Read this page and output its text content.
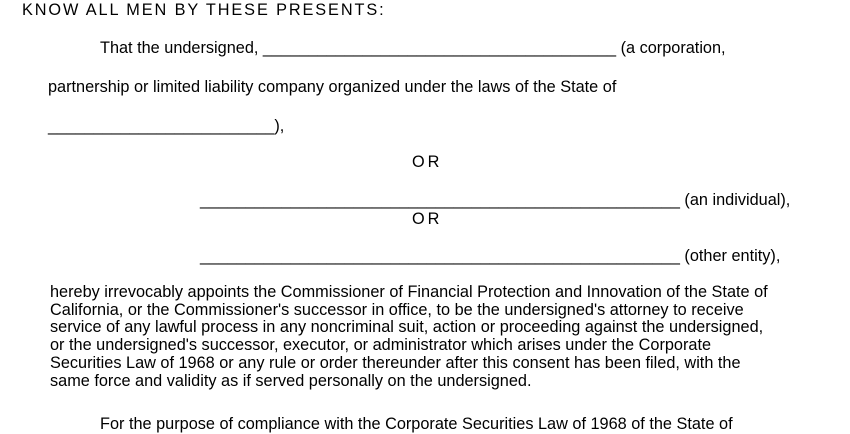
KNOW ALL MEN BY THESE PRESENTS:
That the undersigned, _______________________________________ (a corporation,
partnership or limited liability company organized under the laws of the State of
_________________________),
OR
_____________________________________________________ (an individual),
OR
_____________________________________________________ (other entity),
hereby irrevocably appoints the Commissioner of Financial Protection and Innovation of the State of
California, or the Commissioner's successor in office, to be the undersigned's attorney to receive
service of any lawful process in any noncriminal suit, action or proceeding against the undersigned,
or the undersigned's successor, executor, or administrator which arises under the Corporate
Securities Law of 1968 or any rule or order thereunder after this consent has been filed, with the
same force and validity as if served personally on the undersigned.
For the purpose of compliance with the Corporate Securities Law of 1968 of the State of
